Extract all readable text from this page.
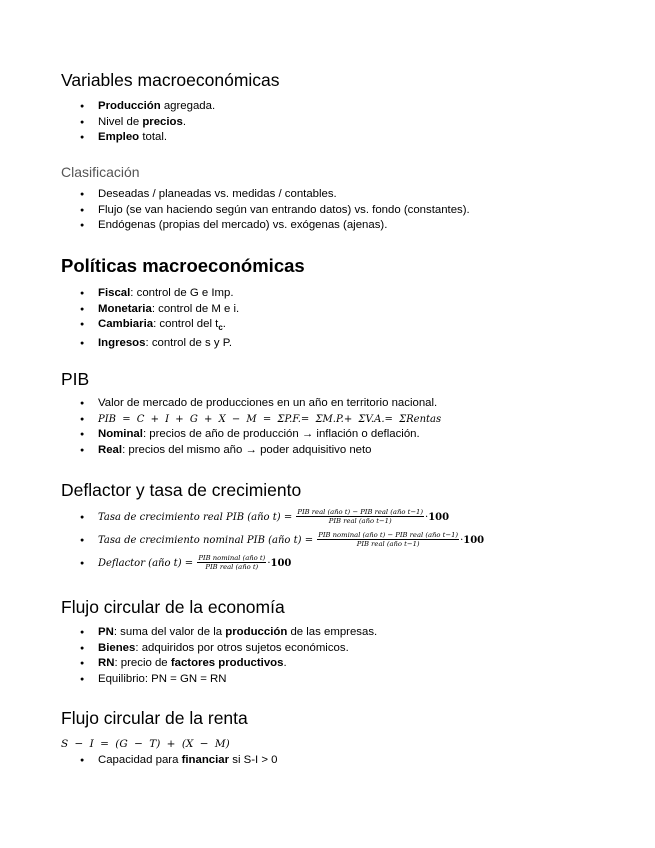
Variables macroeconómicas
● Producción agregada.
● Nivel de precios.
● Empleo total.
Clasificación
● Deseadas / planeadas vs. medidas / contables.
● Flujo (se van haciendo según van entrando datos) vs. fondo (constantes).
● Endógenas (propias del mercado) vs. exógenas (ajenas).
Políticas macroeconómicas
● Fiscal: control de G e Imp.
● Monetaria: control de M e i.
● Cambiaria: control del $t_c$.
● Ingresos: control de s y P.
PIB
● Valor de mercado de producciones en un año en territorio nacional.
● PIB = C + I + G + X − M = ΣP.F.= ΣM.P.+ ΣV.A.= ΣRentas
● Nominal: precios de año de producción → inflación o deflación.
● Real: precios del mismo año → poder adquisitivo neto
Deflactor y tasa de crecimiento
● Tasa de crecimiento real PIB (año $t) = \frac{\text{PIB real (año t) − PIB real (año t−1)}}{\text{PIB real (año t−1)}} \cdot 100$
● Tasa de crecimiento nominal PIB (año $t) = \frac{\text{PIB nominal (año t) − PIB real (año t−1)}}{\text{PIB real (año t−1)}} \cdot 100$
● Deflactor (año $t) = \frac{\text{PIB nominal (año t)}}{\text{PIB real (año t)}} \cdot 100$
Flujo circular de la economía
● PN: suma del valor de la producción de las empresas.
● Bienes: adquiridos por otros sujetos económicos.
● RN: precio de factores productivos.
● Equilibrio: PN = GN = RN
Flujo circular de la renta
S − I = (G − T) + (X − M)
● Capacidad para financiar si S-I > 0
